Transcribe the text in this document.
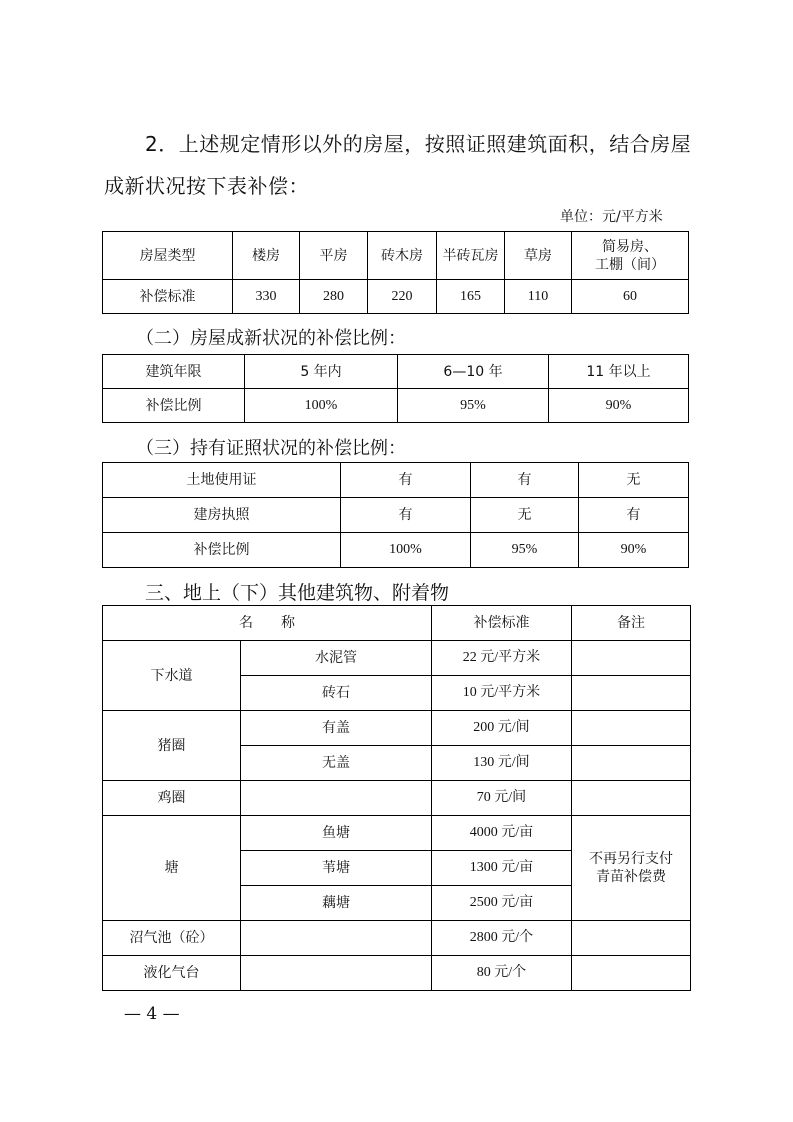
2．上述规定情形以外的房屋，按照证照建筑面积，结合房屋
成新状况按下表补偿：
单位：元/平方米
房屋类型	楼房	平房	砖木房	半砖瓦房	草房	简易房、
工棚（间）

补偿标准	330	280	220	165	110	60
（二）房屋成新状况的补偿比例：
建筑年限	5 年内	6—10 年	11 年以上
补偿比例	100%	95%	90%
（三）持有证照状况的补偿比例：
土地使用证	有	有	无
建房执照	有	无	有
补偿比例	100%	95%	90%
三、地上（下）其他建筑物、附着物
名　　称		补偿标准	备注
下水道	水泥管	22 元/平方米	
	砖石	10 元/平方米	
猪圈	有盖	200 元/间	
	无盖	130 元/间	
鸡圈		70 元/间	
塘	鱼塘	4000 元/亩	不再另行支付
青苗补偿费

	苇塘	1300 元/亩	
	藕塘	2500 元/亩	
沼气池（砼）		2800 元/个	
液化气台		80 元/个	
— 4 —
